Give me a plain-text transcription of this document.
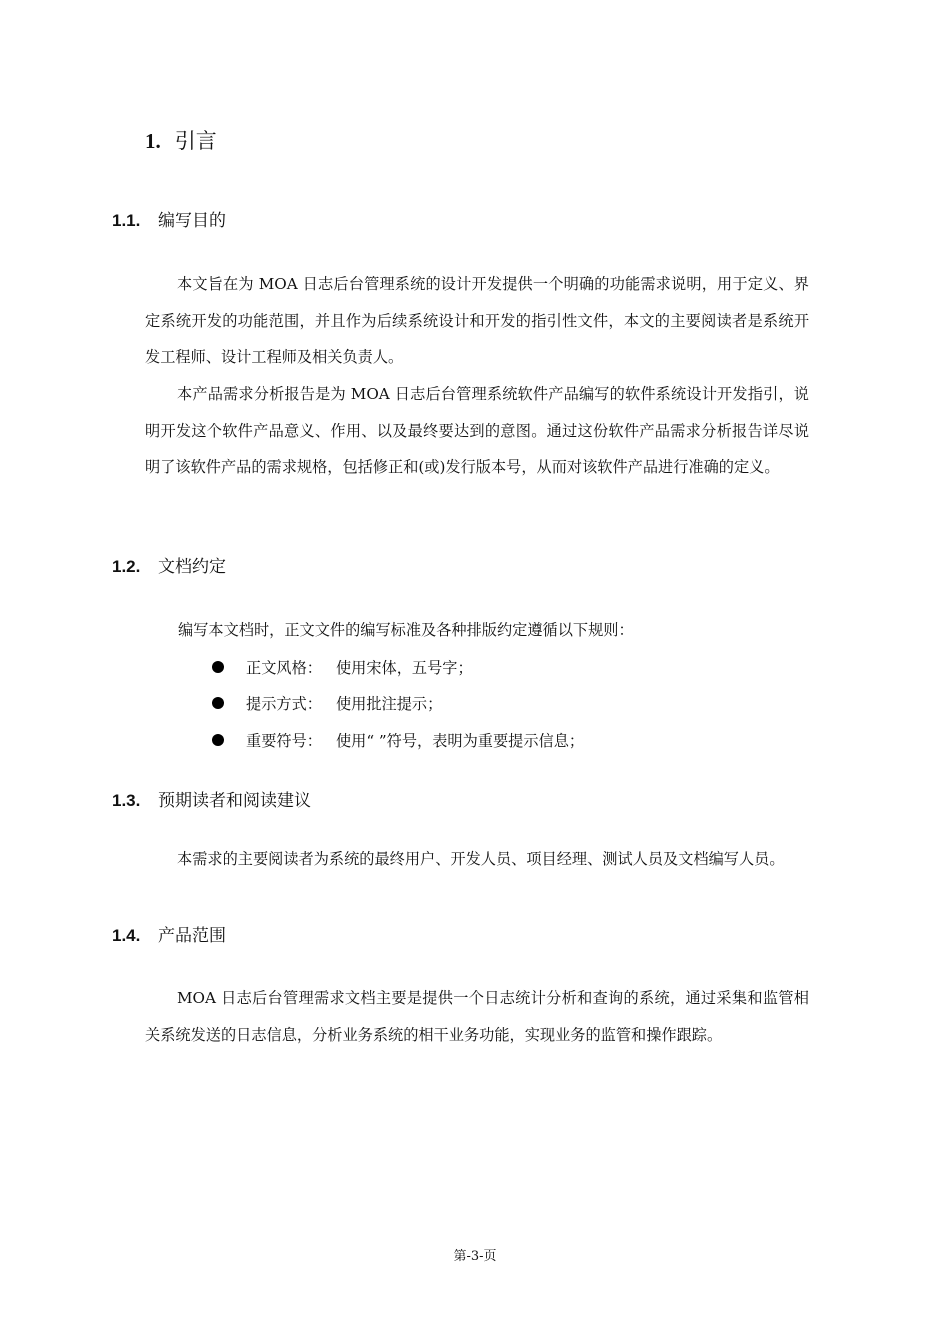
1. 引言
1.1. 编写目的

本文旨在为 MOA 日志后台管理系统的设计开发提供一个明确的功能需求说明，用于定义、界定系统开发的功能范围，并且作为后续系统设计和开发的指引性文件，本文的主要阅读者是系统开发工程师、设计工程师及相关负责人。

本产品需求分析报告是为 MOA 日志后台管理系统软件产品编写的软件系统设计开发指引，说明开发这个软件产品意义、作用、以及最终要达到的意图。通过这份软件产品需求分析报告详尽说明了该软件产品的需求规格，包括修正和(或)发行版本号，从而对该软件产品进行准确的定义。

1.2. 文档约定
编写本文档时，正文文件的编写标准及各种排版约定遵循以下规则：
正文风格： 使用宋体，五号字；
提示方式： 使用批注提示；
重要符号： 使用“ ”符号，表明为重要提示信息；
1.3. 预期读者和阅读建议

本需求的主要阅读者为系统的最终用户、开发人员、项目经理、测试人员及文档编写人员。

1.4. 产品范围

MOA 日志后台管理需求文档主要是提供一个日志统计分析和查询的系统，通过采集和监管相关系统发送的日志信息，分析业务系统的相干业务功能，实现业务的监管和操作跟踪。

第-3-页
